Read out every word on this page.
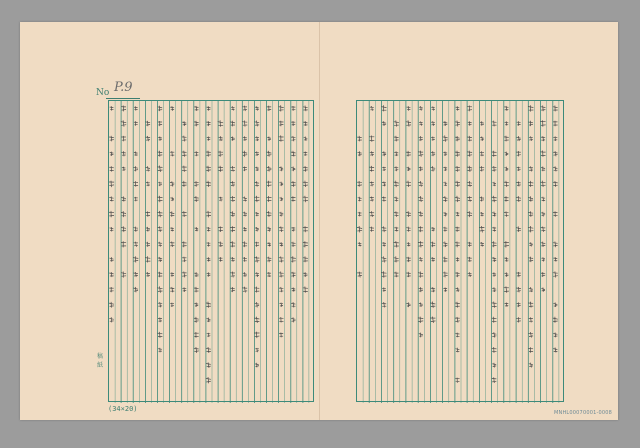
No P.9
稿 紙
(34×20)	MNHL00070001-0008
